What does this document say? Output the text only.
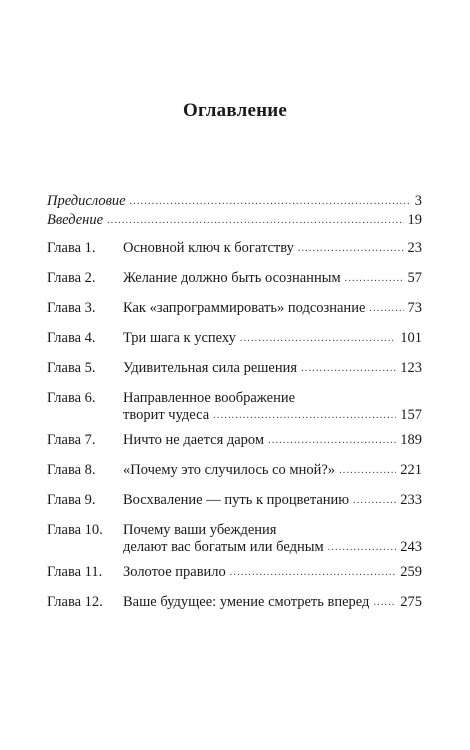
Оглавление
Предисловие .....	3
Введение .....	19
Глава 1.	Основной ключ к богатству .....	23
Глава 2.	Желание должно быть осознанным .....	57
Глава 3.	Как «запрограммировать» подсознание .....	73
Глава 4.	Три шага к успеху .....	101
Глава 5.	Удивительная сила решения .....	123
Глава 6.	Направленное воображение
творит чудеса .....	157
Глава 7.	Ничто не дается даром .....	189
Глава 8.	«Почему это случилось со мной?» .....	221
Глава 9.	Восхваление — путь к процветанию .....	233
Глава 10.	Почему ваши убеждения
делают вас богатым или бедным .....	243
Глава 11.	Золотое правило .....	259
Глава 12.	Ваше будущее: умение смотреть вперед ..... 275
